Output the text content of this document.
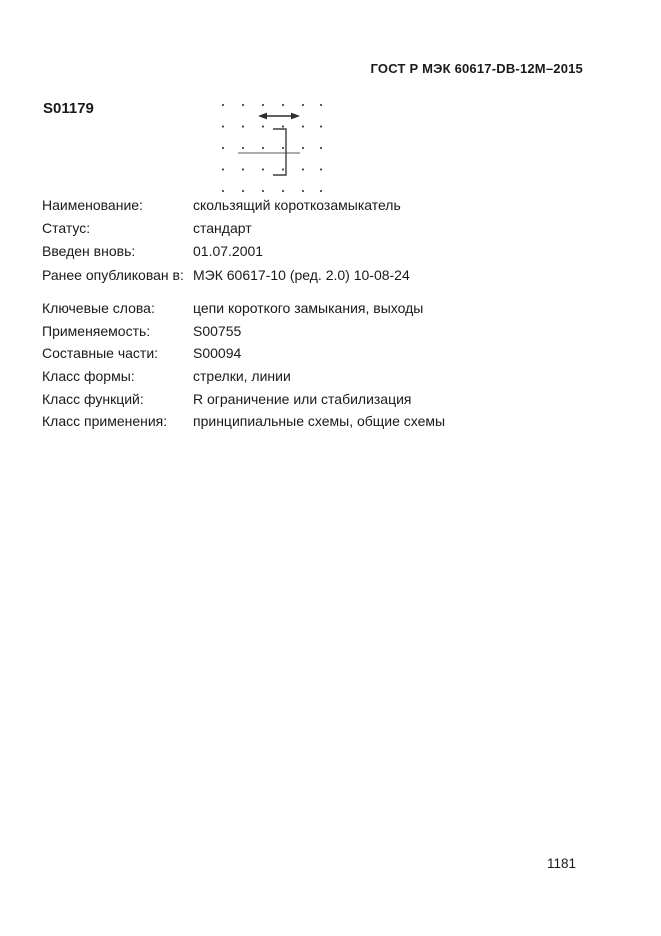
ГОСТ Р МЭК 60617-DB-12M–2015
S01179
Наименование:	скользящий короткозамыкатель
Статус:	стандарт
Введен вновь:	01.07.2001
Ранее опубликован в: МЭК 60617-10 (ред. 2.0) 10-08-24
Ключевые слова:	цепи короткого замыкания, выходы
Применяемость:	S00755
Составные части:	S00094
Класс формы:	стрелки, линии
Класс функций:	R ограничение или стабилизация
Класс применения:	принципиальные схемы, общие схемы
1181
